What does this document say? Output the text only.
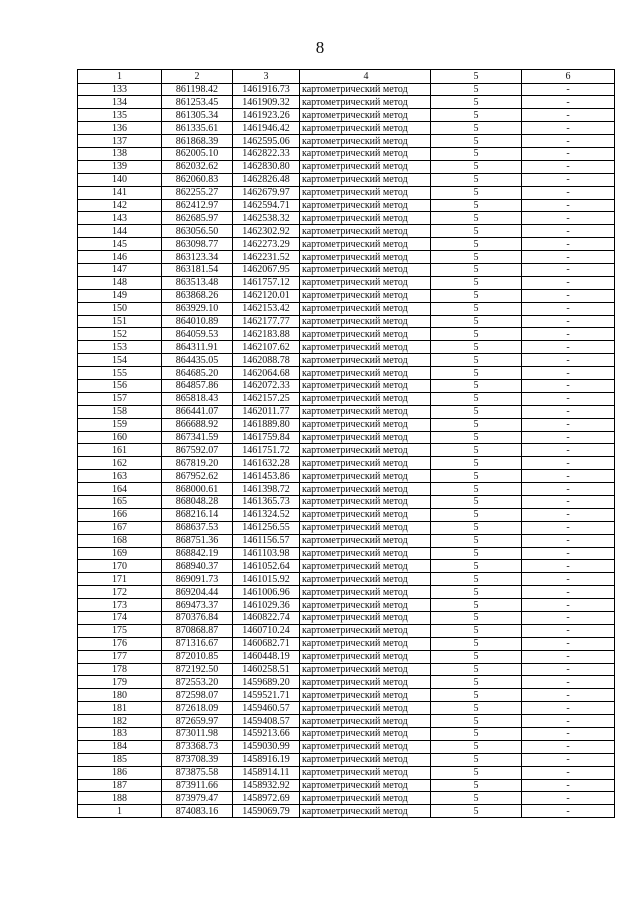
8
1	2	3	4	5	6
133	861198.42	1461916.73	картометрический метод	5	-
134	861253.45	1461909.32	картометрический метод	5	-
135	861305.34	1461923.26	картометрический метод	5	-
136	861335.61	1461946.42	картометрический метод	5	-
137	861868.39	1462595.06	картометрический метод	5	-
138	862005.10	1462822.33	картометрический метод	5	-
139	862032.62	1462830.80	картометрический метод	5	-
140	862060.83	1462826.48	картометрический метод	5	-
141	862255.27	1462679.97	картометрический метод	5	-
142	862412.97	1462594.71	картометрический метод	5	-
143	862685.97	1462538.32	картометрический метод	5	-
144	863056.50	1462302.92	картометрический метод	5	-
145	863098.77	1462273.29	картометрический метод	5	-
146	863123.34	1462231.52	картометрический метод	5	-
147	863181.54	1462067.95	картометрический метод	5	-
148	863513.48	1461757.12	картометрический метод	5	-
149	863868.26	1462120.01	картометрический метод	5	-
150	863929.10	1462153.42	картометрический метод	5	-
151	864010.89	1462177.77	картометрический метод	5	-
152	864059.53	1462183.88	картометрический метод	5	-
153	864311.91	1462107.62	картометрический метод	5	-
154	864435.05	1462088.78	картометрический метод	5	-
155	864685.20	1462064.68	картометрический метод	5	-
156	864857.86	1462072.33	картометрический метод	5	-
157	865818.43	1462157.25	картометрический метод	5	-
158	866441.07	1462011.77	картометрический метод	5	-
159	866688.92	1461889.80	картометрический метод	5	-
160	867341.59	1461759.84	картометрический метод	5	-
161	867592.07	1461751.72	картометрический метод	5	-
162	867819.20	1461632.28	картометрический метод	5	-
163	867952.62	1461453.86	картометрический метод	5	-
164	868000.61	1461398.72	картометрический метод	5	-
165	868048.28	1461365.73	картометрический метод	5	-
166	868216.14	1461324.52	картометрический метод	5	-
167	868637.53	1461256.55	картометрический метод	5	-
168	868751.36	1461156.57	картометрический метод	5	-
169	868842.19	1461103.98	картометрический метод	5	-
170	868940.37	1461052.64	картометрический метод	5	-
171	869091.73	1461015.92	картометрический метод	5	-
172	869204.44	1461006.96	картометрический метод	5	-
173	869473.37	1461029.36	картометрический метод	5	-
174	870376.84	1460822.74	картометрический метод	5	-
175	870868.87	1460710.24	картометрический метод	5	-
176	871316.67	1460682.71	картометрический метод	5	-
177	872010.85	1460448.19	картометрический метод	5	-
178	872192.50	1460258.51	картометрический метод	5	-
179	872553.20	1459689.20	картометрический метод	5	-
180	872598.07	1459521.71	картометрический метод	5	-
181	872618.09	1459460.57	картометрический метод	5	-
182	872659.97	1459408.57	картометрический метод	5	-
183	873011.98	1459213.66	картометрический метод	5	-
184	873368.73	1459030.99	картометрический метод	5	-
185	873708.39	1458916.19	картометрический метод	5	-
186	873875.58	1458914.11	картометрический метод	5	-
187	873911.66	1458932.92	картометрический метод	5	-
188	873979.47	1458972.69	картометрический метод	5	-
1	874083.16	1459069.79	картометрический метод	5	-
